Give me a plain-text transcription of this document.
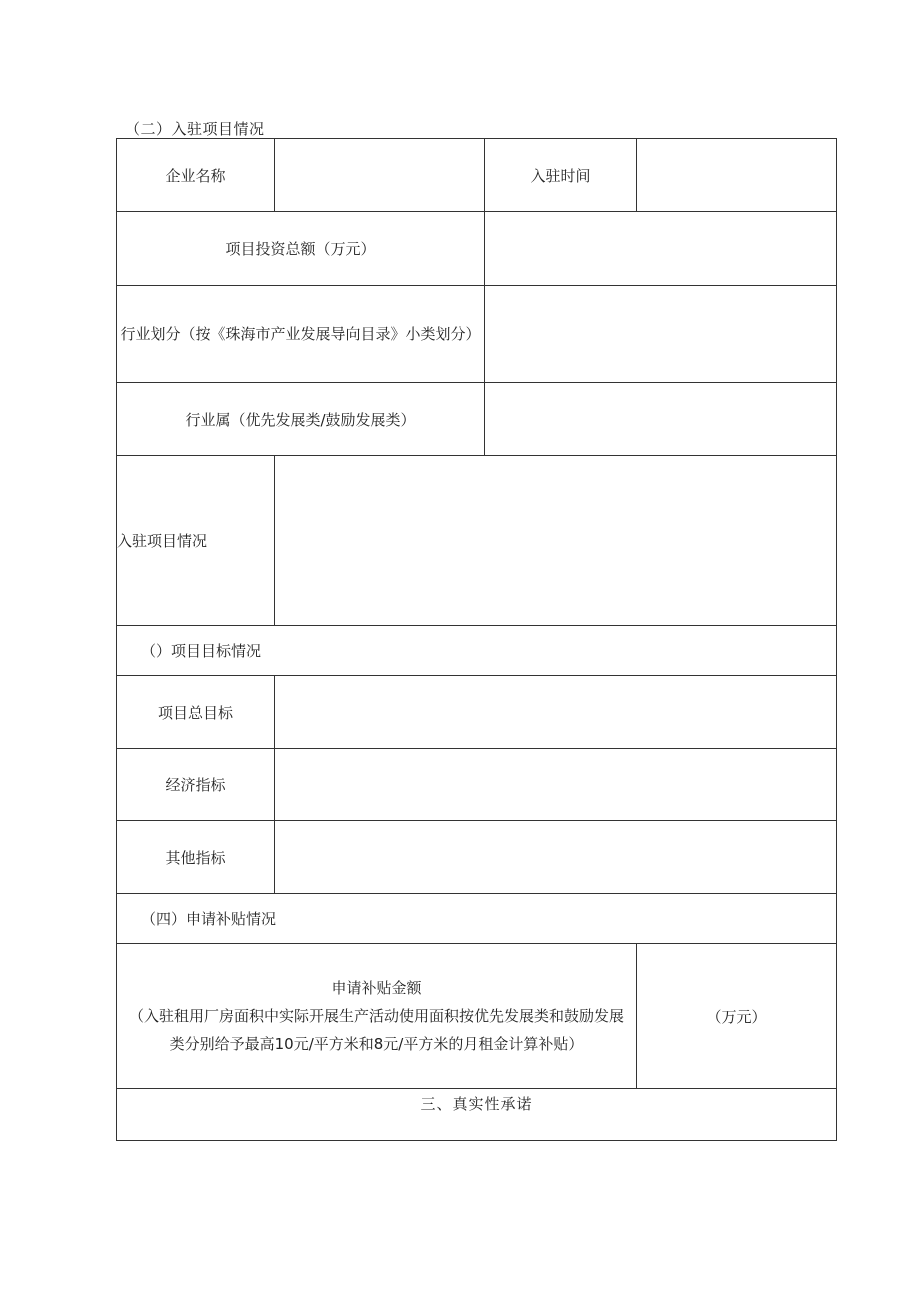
（二）入驻项目情况
企业名称		入驻时间	
项目投资总额（万元）	
行业划分（按《珠海市产业发展导向目录》小类划分）	
行业属（优先发展类/鼓励发展类）	
入驻项目情况	
（）项目目标情况	
项目总目标	
经济指标	
其他指标	
（四）申请补贴情况	
申请补贴金额
（入驻租用厂房面积中实际开展生产活动使用面积按优先发展类和鼓励发展类分别给予最高10元/平方米和8元/平方米的月租金计算补贴）
	（万元）
三、真实性承诺
